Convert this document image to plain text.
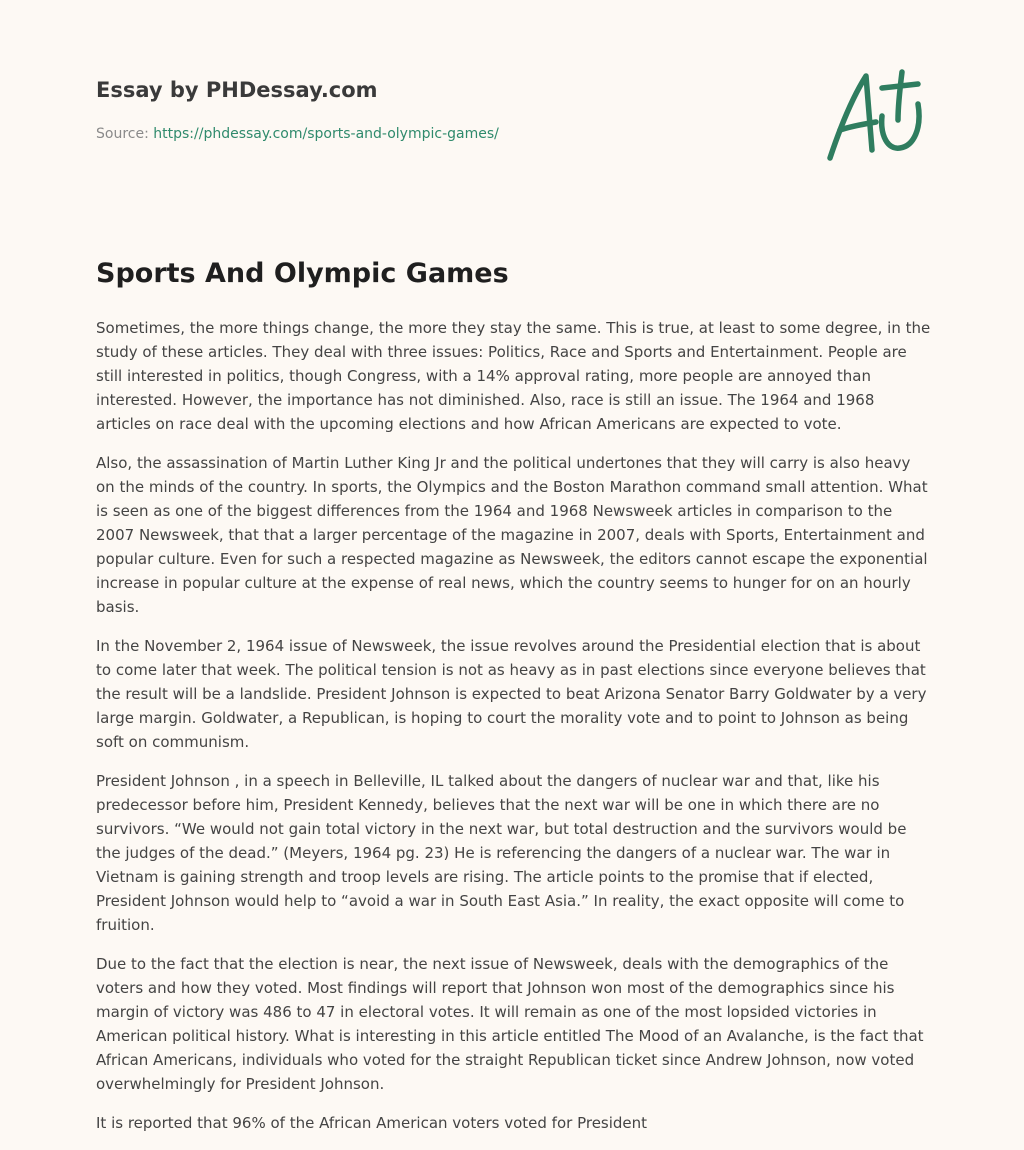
Essay by PHDessay.com
Source: https://phdessay.com/sports-and-olympic-games/
Sports And Olympic Games

Sometimes, the more things change, the more they stay the same. This is true, at least to some degree, in the study of these articles. They deal with three issues: Politics, Race and Sports and Entertainment. People are still interested in politics, though Congress, with a 14% approval rating, more people are annoyed than interested. However, the importance has not diminished. Also, race is still an issue. The 1964 and 1968 articles on race deal with the upcoming elections and how African Americans are expected to vote.

Also, the assassination of Martin Luther King Jr and the political undertones that they will carry is also heavy on the minds of the country. In sports, the Olympics and the Boston Marathon command small attention. What is seen as one of the biggest differences from the 1964 and 1968 Newsweek articles in comparison to the 2007 Newsweek, that that a larger percentage of the magazine in 2007, deals with Sports, Entertainment and popular culture. Even for such a respected magazine as Newsweek, the editors cannot escape the exponential increase in popular culture at the expense of real news, which the country seems to hunger for on an hourly basis.

In the November 2, 1964 issue of Newsweek, the issue revolves around the Presidential election that is about to come later that week. The political tension is not as heavy as in past elections since everyone believes that the result will be a landslide. President Johnson is expected to beat Arizona Senator Barry Goldwater by a very large margin. Goldwater, a Republican, is hoping to court the morality vote and to point to Johnson as being soft on communism.

President Johnson , in a speech in Belleville, IL talked about the dangers of nuclear war and that, like his predecessor before him, President Kennedy, believes that the next war will be one in which there are no survivors. “We would not gain total victory in the next war, but total destruction and the survivors would be the judges of the dead.” (Meyers, 1964 pg. 23) He is referencing the dangers of a nuclear war. The war in Vietnam is gaining strength and troop levels are rising. The article points to the promise that if elected, President Johnson would help to “avoid a war in South East Asia.” In reality, the exact opposite will come to fruition.

Due to the fact that the election is near, the next issue of Newsweek, deals with the demographics of the voters and how they voted. Most findings will report that Johnson won most of the demographics since his margin of victory was 486 to 47 in electoral votes. It will remain as one of the most lopsided victories in American political history. What is interesting in this article entitled The Mood of an Avalanche, is the fact that African Americans, individuals who voted for the straight Republican ticket since Andrew Johnson, now voted overwhelmingly for President Johnson.

It is reported that 96% of the African American voters voted for President
